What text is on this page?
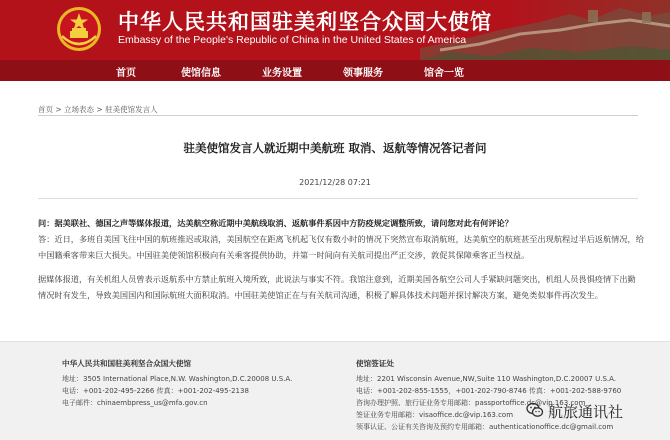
中华人民共和国驻美利坚合众国大使馆
Embassy of the People's Republic of China in the United States of America
首页	使馆信息	业务设置	领事服务	馆舍一览
首页 > 立场表态 > 驻美使馆发言人
驻美使馆发言人就近期中美航班 取消、返航等情况答记者问
2021/12/28 07:21

问：据美联社、德国之声等媒体报道，达美航空称近期中美航线取消、返航事件系因中方防疫规定调整所致，请问您对此有何评论？

答：近日，多班自美国飞往中国的航班推迟或取消，美国航空在距离飞机起飞仅有数小时的情况下突然宣布取消航班，达美航空的航班甚至出现航程过半后返航情况，给

中国籍乘客带来巨大损失。中国驻美使领馆积极向有关乘客提供协助，并第一时间向有关航司提出严正交涉，敦促其保障乘客正当权益。

据媒体报道，有关机组人员曾表示返航系中方禁止航班入境所致，此说法与事实不符。我馆注意到，近期美国各航空公司人手紧缺问题突出，机组人员畏惧疫情下出勤

情况时有发生，导致美国国内和国际航班大面积取消。中国驻美使馆正在与有关航司沟通，积极了解具体技术问题并探讨解决方案，避免类似事件再次发生。

中华人民共和国驻美利坚合众国大使馆
地址：3505 International Place,N.W. Washington,D.C.20008 U.S.A.
电话：+001-202-495-2266 传真：+001-202-495-2138
电子邮件：chinaembpress_us@mfa.gov.cn
使馆签证处
地址：2201 Wisconsin Avenue,NW,Suite 110 Washington,D.C.20007 U.S.A.
电话：+001-202-855-1555，+001-202-790-8746 传真：+001-202-588-9760
咨询办理护照、旅行证业务专用邮箱：passportoffice.dc@vip.163.com
签证业务专用邮箱：visaoffice.dc@vip.163.com
领事认证、公证有关咨询及预约专用邮箱：authenticationoffice.dc@gmail.com
航旅通讯社
